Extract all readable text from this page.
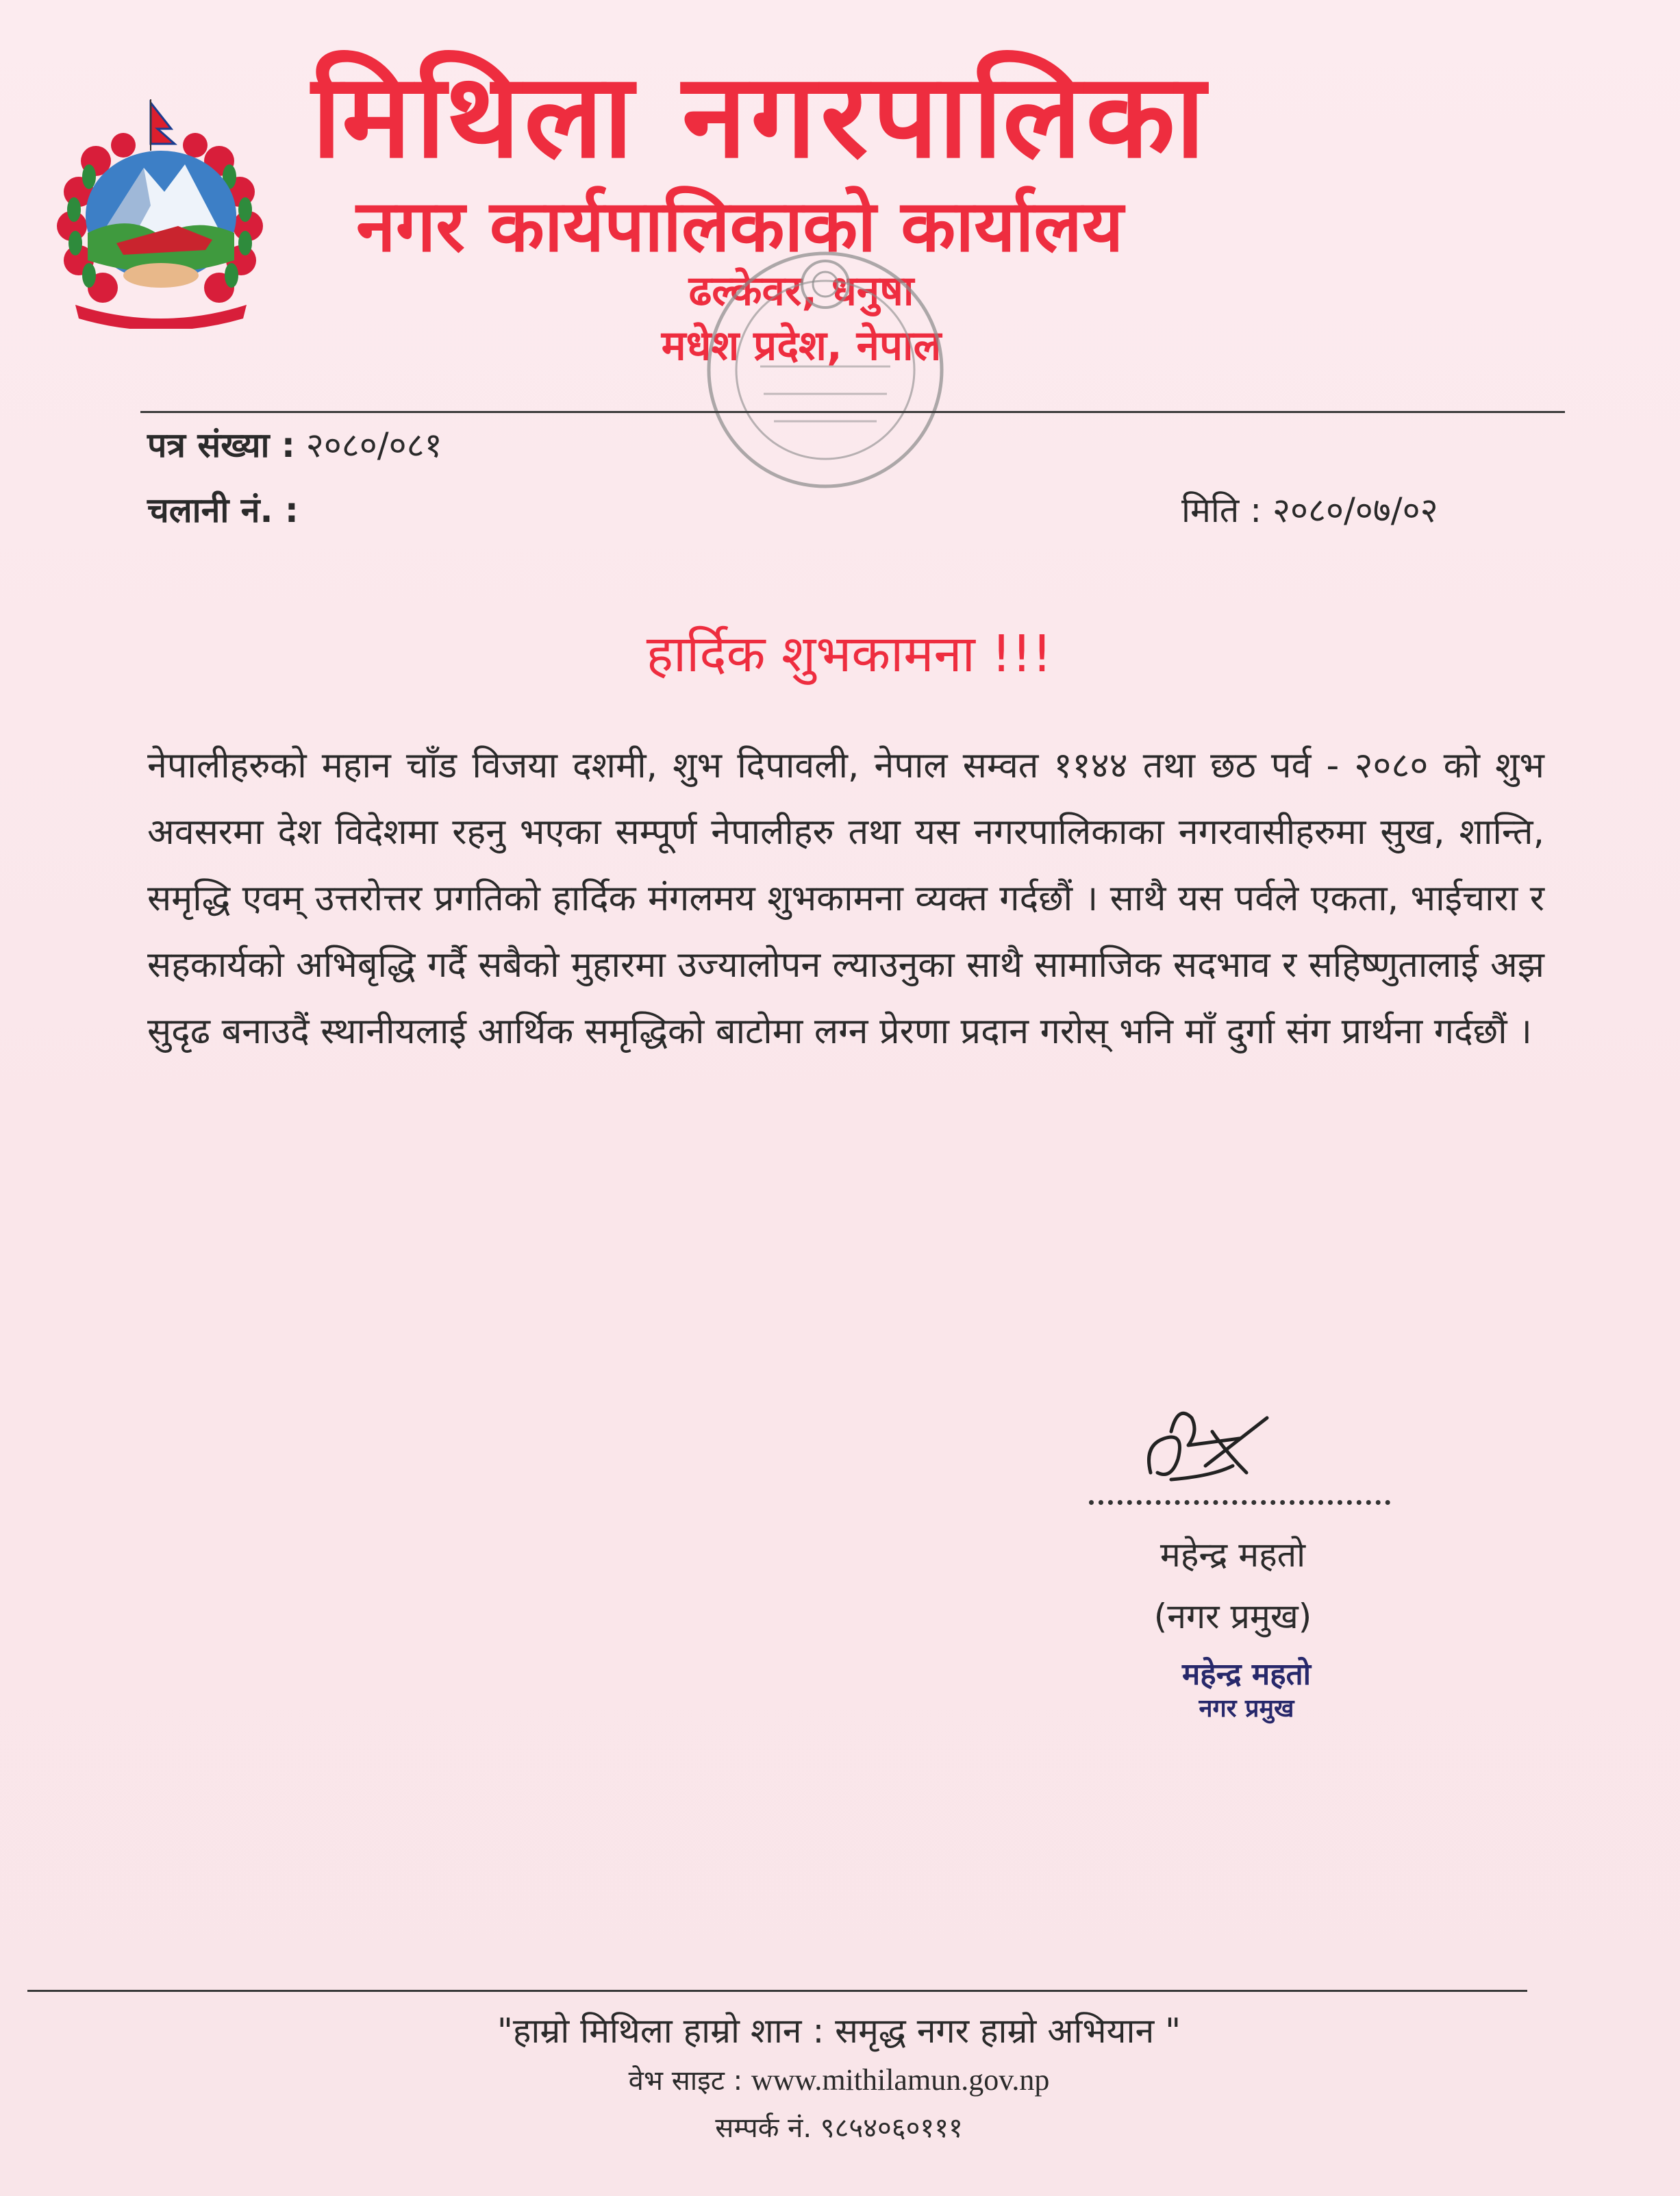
मिथिला नगरपालिका
नगर कार्यपालिकाको कार्यालय
ढल्केवर, धनुषा
मधेश प्रदेश, नेपाल
पत्र संख्या : २०८०/०८१
चलानी नं. :	मिति : २०८०/०७/०२
हार्दिक शुभकामना !!!
नेपालीहरुको महान चाँड विजया दशमी, शुभ दिपावली, नेपाल सम्वत ११४४ तथा छठ पर्व - २०८० को शुभ अवसरमा देश विदेशमा रहनु भएका सम्पूर्ण नेपालीहरु तथा यस नगरपालिकाका नगरवासीहरुमा सुख, शान्ति, समृद्धि एवम् उत्तरोत्तर प्रगतिको हार्दिक मंगलमय शुभकामना व्यक्त गर्दछौं । साथै यस पर्वले एकता, भाईचारा र सहकार्यको अभिबृद्धि गर्दै सबैको मुहारमा उज्यालोपन ल्याउनुका साथै सामाजिक सदभाव र सहिष्णुतालाई अझ सुदृढ बनाउदैं स्थानीयलाई आर्थिक समृद्धिको बाटोमा लग्न प्रेरणा प्रदान गरोस् भनि माँ दुर्गा संग प्रार्थना गर्दछौं ।
महेन्द्र महतो
(नगर प्रमुख)
महेन्द्र महतो
नगर प्रमुख
"हाम्रो मिथिला हाम्रो शान : समृद्ध नगर हाम्रो अभियान "
वेभ साइट : www.mithilamun.gov.np
सम्पर्क नं. ९८५४०६०१११
